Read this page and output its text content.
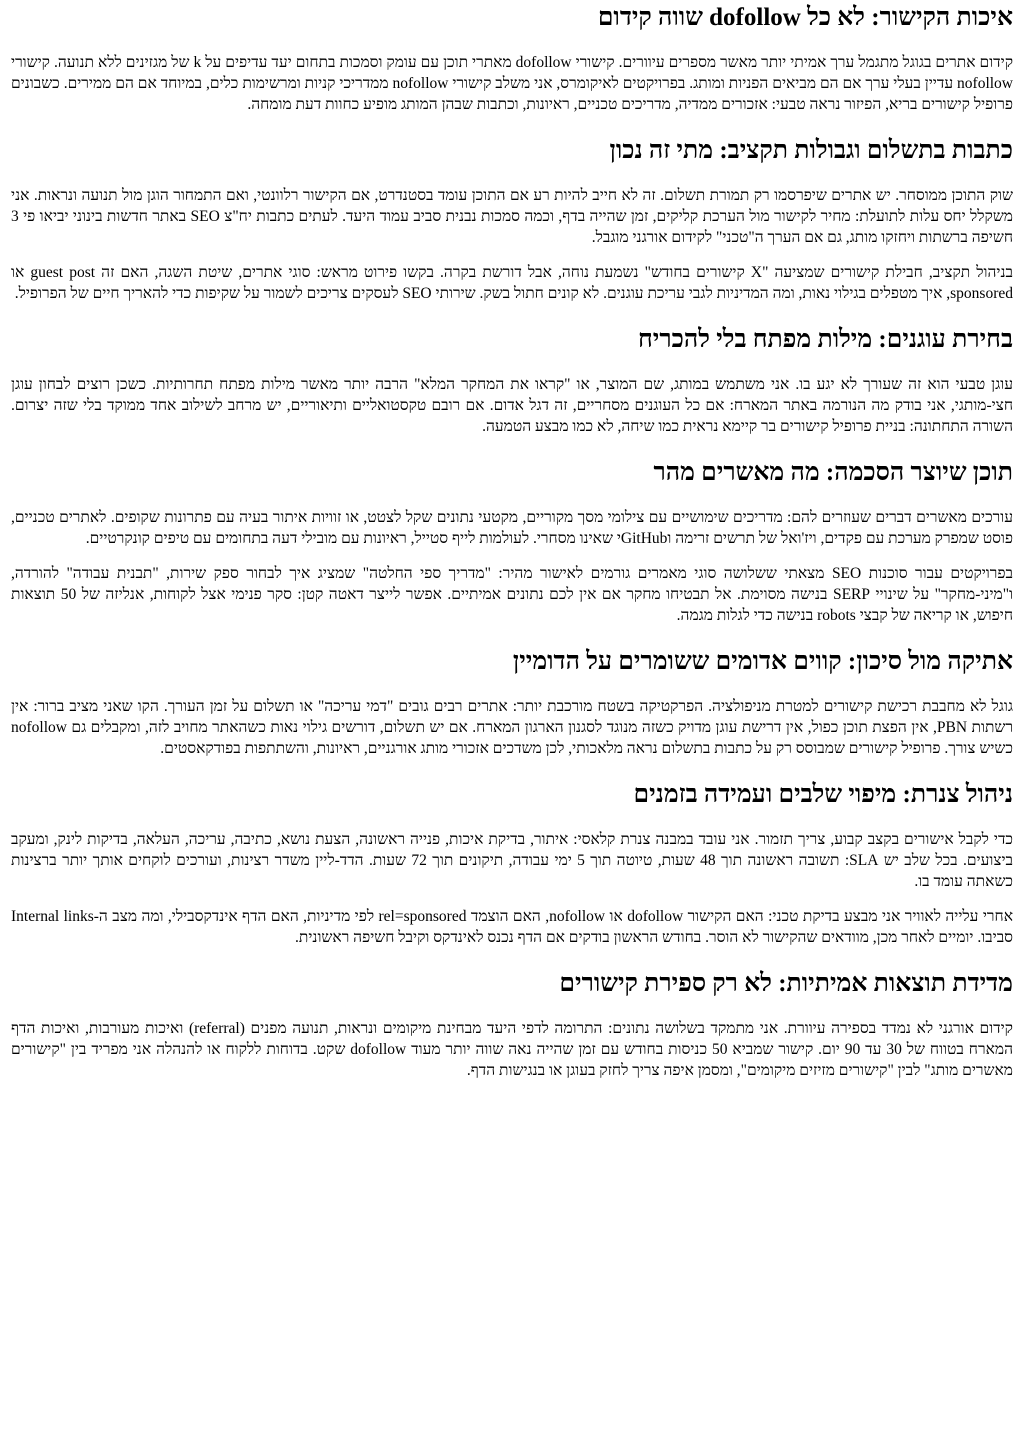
איכות הקישור: לא כל dofollow שווה קידום

קידום אתרים בגוגל מתגמל ערך אמיתי יותר מאשר מספרים עיוורים. קישורי dofollow מאתרי תוכן עם עומק וסמכות בתחום יעד עדיפים על k של מגזינים ללא תנועה. קישורי nofollow עדיין בעלי ערך אם הם מביאים הפניות ומותג. בפרויקטים לאיקומרס, אני משלב קישורי nofollow ממדריכי קניות ומרשימות כלים, במיוחד אם הם ממירים. כשבונים פרופיל קישורים בריא, הפיזור נראה טבעי: אזכורים ממדיה, מדריכים טכניים, ראיונות, וכתבות שבהן המותג מופיע כחוות דעת מומחה.

כתבות בתשלום וגבולות תקציב: מתי זה נכון

שוק התוכן ממוסחר. יש אתרים שיפרסמו רק תמורת תשלום. זה לא חייב להיות רע אם התוכן עומד בסטנדרט, אם הקישור רלוונטי, ואם התמחור הוגן מול תנועה ונראות. אני משקלל יחס עלות לתועלת: מחיר לקישור מול הערכת קליקים, זמן שהייה בדף, וכמה סמכות נבנית סביב עמוד היעד. לעתים כתבות יח"צ SEO באתר חדשות בינוני יביאו פי 3 חשיפה ברשתות ויחזקו מותג, גם אם הערך ה"טכני" לקידום אורגני מוגבל.

בניהול תקציב, חבילת קישורים שמציעה "X קישורים בחודש" נשמעת נוחה, אבל דורשת בקרה. בקשו פירוט מראש: סוגי אתרים, שיטת השגה, האם זה guest post או sponsored, איך מטפלים בגילוי נאות, ומה המדיניות לגבי עריכת עוגנים. לא קונים חתול בשק. שירותי SEO לעסקים צריכים לשמור על שקיפות כדי להאריך חיים של הפרופיל.

בחירת עוגנים: מילות מפתח בלי להכריח

עוגן טבעי הוא זה שעורך לא יגע בו. אני משתמש במותג, שם המוצר, או "קראו את המחקר המלא" הרבה יותר מאשר מילות מפתח תחרותיות. כשכן רוצים לבחון עוגן חצי-מותגי, אני בודק מה הנורמה באתר המארח: אם כל העוגנים מסחריים, זה דגל אדום. אם רובם טקסטואליים ותיאוריים, יש מרחב לשילוב אחד ממוקד בלי שזה יצרום. השורה התחתונה: בניית פרופיל קישורים בר קיימא נראית כמו שיחה, לא כמו מבצע הטמעה.

תוכן שיוצר הסכמה: מה מאשרים מהר

עורכים מאשרים דברים שעוזרים להם: מדריכים שימושיים עם צילומי מסך מקוריים, מקטעי נתונים שקל לצטט, או זוויות איתור בעיה עם פתרונות שקופים. לאתרים טכניים, פוסט שמפרק מערכת עם פקדים, ויז'ואל של תרשים זרימה וGitHubי שאינו מסחרי. לעולמות לייף סטייל, ראיונות עם מובילי דעה בתחומים עם טיפים קונקרטיים.

בפרויקטים עבור סוכנות SEO מצאתי ששלושה סוגי מאמרים גורמים לאישור מהיר: "מדריך ספי החלטה" שמציג איך לבחור ספק שירות, "תבנית עבודה" להורדה, ו"מיני-מחקר" על שינויי SERP בנישה מסוימת. אל תבטיחו מחקר אם אין לכם נתונים אמיתיים. אפשר לייצר דאטה קטן: סקר פנימי אצל לקוחות, אנליזה של 50 תוצאות חיפוש, או קריאה של קבצי robots בנישה כדי לגלות מגמה.

אתיקה מול סיכון: קווים אדומים ששומרים על הדומיין

גוגל לא מחבבת רכישת קישורים למטרת מניפולציה. הפרקטיקה בשטח מורכבת יותר: אתרים רבים גובים "דמי עריכה" או תשלום על זמן העורך. הקו שאני מציב ברור: אין רשתות PBN, אין הפצת תוכן כפול, אין דרישת עוגן מדויק כשזה מנוגד לסגנון הארגון המארח. אם יש תשלום, דורשים גילוי נאות כשהאתר מחויב לזה, ומקבלים גם nofollow כשיש צורך. פרופיל קישורים שמבוסס רק על כתבות בתשלום נראה מלאכותי, לכן משדכים אזכורי מותג אורגניים, ראיונות, והשתתפות בפודקאסטים.

ניהול צנרת: מיפוי שלבים ועמידה בזמנים

כדי לקבל אישורים בקצב קבוע, צריך תזמור. אני עובד במבנה צנרת קלאסי: איתור, בדיקת איכות, פנייה ראשונה, הצעת נושא, כתיבה, עריכה, העלאה, בדיקות לינק, ומעקב ביצועים. בכל שלב יש SLA: תשובה ראשונה תוך 48 שעות, טיוטה תוך 5 ימי עבודה, תיקונים תוך 72 שעות. הדד-ליין משדר רצינות, ועורכים לוקחים אותך יותר ברצינות כשאתה עומד בו.

אחרי עלייה לאוויר אני מבצע בדיקת טכני: האם הקישור dofollow או nofollow, האם הוצמד rel=sponsored לפי מדיניות, האם הדף אינדקסבילי, ומה מצב ה-Internal links סביבו. יומיים לאחר מכן, מוודאים שהקישור לא הוסר. בחודש הראשון בודקים אם הדף נכנס לאינדקס וקיבל חשיפה ראשונית.

מדידת תוצאות אמיתיות: לא רק ספירת קישורים

קידום אורגני לא נמדד בספירה עיוורת. אני מתמקד בשלושה נתונים: התרומה לדפי היעד מבחינת מיקומים ונראות, תנועה מפנים (referral) ואיכות מעורבות, ואיכות הדף המארח בטווח של 30 עד 90 יום. קישור שמביא 50 כניסות בחודש עם זמן שהייה נאה שווה יותר מעוד dofollow שקט. בדוחות ללקוח או להנהלה אני מפריד בין "קישורים מאשרים מותג" לבין "קישורים מזיזים מיקומים", ומסמן איפה צריך לחזק בעוגן או בנגישות הדף.
